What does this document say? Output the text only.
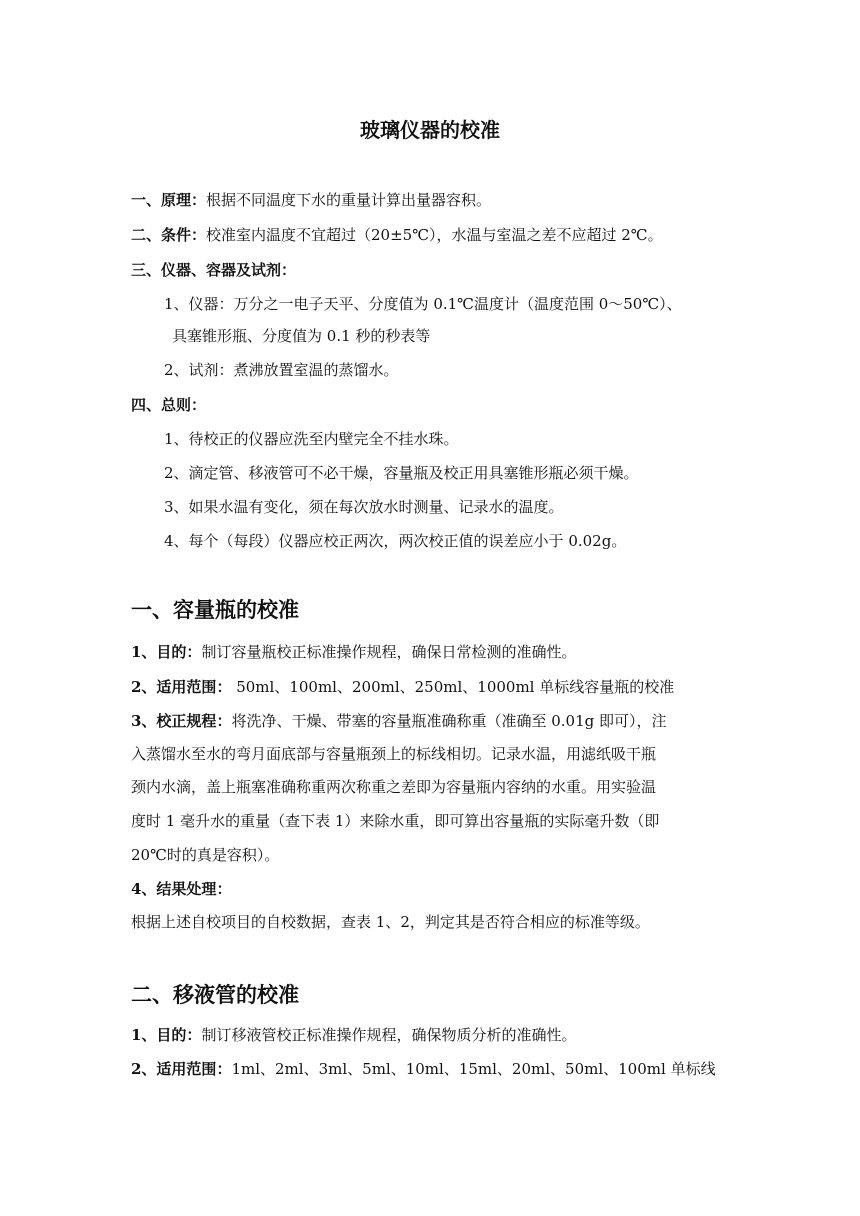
玻璃仪器的校准
一、原理：根据不同温度下水的重量计算出量器容积。
二、条件：校准室内温度不宜超过（20±5℃），水温与室温之差不应超过 2℃。
三、仪器、容器及试剂：
1、仪器：万分之一电子天平、分度值为 0.1℃温度计（温度范围 0～50℃）、
具塞锥形瓶、分度值为 0.1 秒的秒表等
2、试剂：煮沸放置室温的蒸馏水。
四、总则：
1、待校正的仪器应洗至内壁完全不挂水珠。
2、滴定管、移液管可不必干燥，容量瓶及校正用具塞锥形瓶必须干燥。
3、如果水温有变化，须在每次放水时测量、记录水的温度。
4、每个（每段）仪器应校正两次，两次校正值的误差应小于 0.02g。
一、容量瓶的校准
1、目的：制订容量瓶校正标准操作规程，确保日常检测的准确性。
2、适用范围： 50ml、100ml、200ml、250ml、1000ml 单标线容量瓶的校准
3、校正规程：将洗净、干燥、带塞的容量瓶准确称重（准确至 0.01g 即可），注
入蒸馏水至水的弯月面底部与容量瓶颈上的标线相切。记录水温，用滤纸吸干瓶
颈内水滴，盖上瓶塞准确称重两次称重之差即为容量瓶内容纳的水重。用实验温
度时 1 毫升水的重量（查下表 1）来除水重，即可算出容量瓶的实际毫升数（即
20℃时的真是容积）。
4、结果处理：
根据上述自校项目的自校数据，查表 1、2，判定其是否符合相应的标准等级。
二、移液管的校准
1、目的：制订移液管校正标准操作规程，确保物质分析的准确性。
2、适用范围：1ml、2ml、3ml、5ml、10ml、15ml、20ml、50ml、100ml 单标线
